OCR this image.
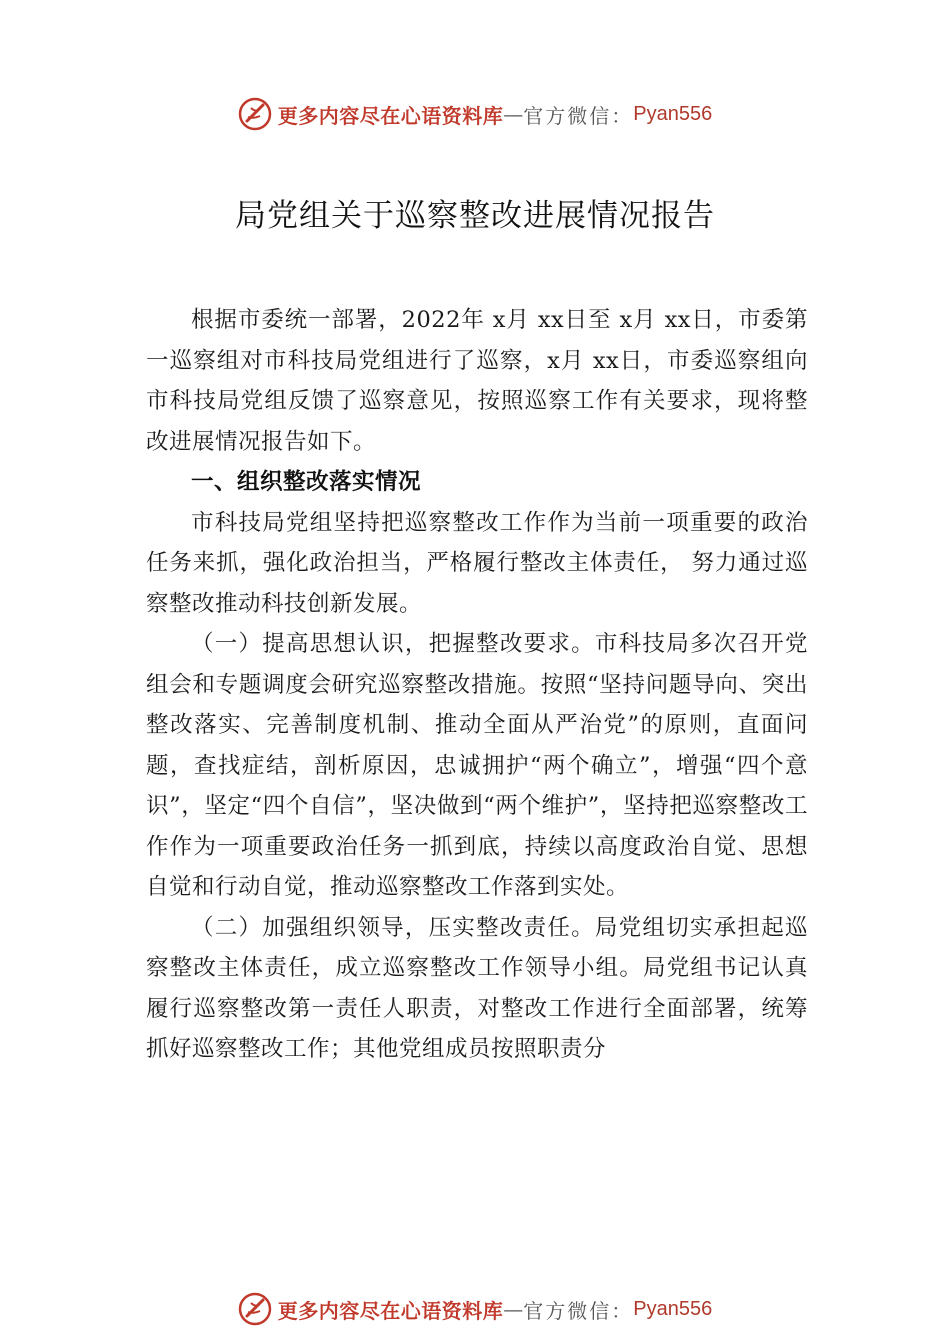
更多内容尽在心语资料库 — 官方微信： Pyan556
局党组关于巡察整改进展情况报告

根据市委统一部署，2022年 x月 xx日至 x月 xx日，市委第一巡察组对市科技局党组进行了巡察，x月 xx日，市委巡察组向市科技局党组反馈了巡察意见，按照巡察工作有关要求，现将整改进展情况报告如下。

一、组织整改落实情况

市科技局党组坚持把巡察整改工作作为当前一项重要的政治任务来抓，强化政治担当，严格履行整改主体责任， 努力通过巡察整改推动科技创新发展。

（一）提高思想认识，把握整改要求。市科技局多次召开党组会和专题调度会研究巡察整改措施。按照“坚持问题导向、突出整改落实、完善制度机制、推动全面从严治党”的原则，直面问题，查找症结，剖析原因，忠诚拥护“两个确立”，增强“四个意识”，坚定“四个自信”，坚决做到“两个维护”，坚持把巡察整改工作作为一项重要政治任务一抓到底，持续以高度政治自觉、思想自觉和行动自觉，推动巡察整改工作落到实处。

（二）加强组织领导，压实整改责任。局党组切实承担起巡察整改主体责任，成立巡察整改工作领导小组。局党组书记认真履行巡察整改第一责任人职责，对整改工作进行全面部署，统筹抓好巡察整改工作；其他党组成员按照职责分

更多内容尽在心语资料库 — 官方微信： Pyan556
